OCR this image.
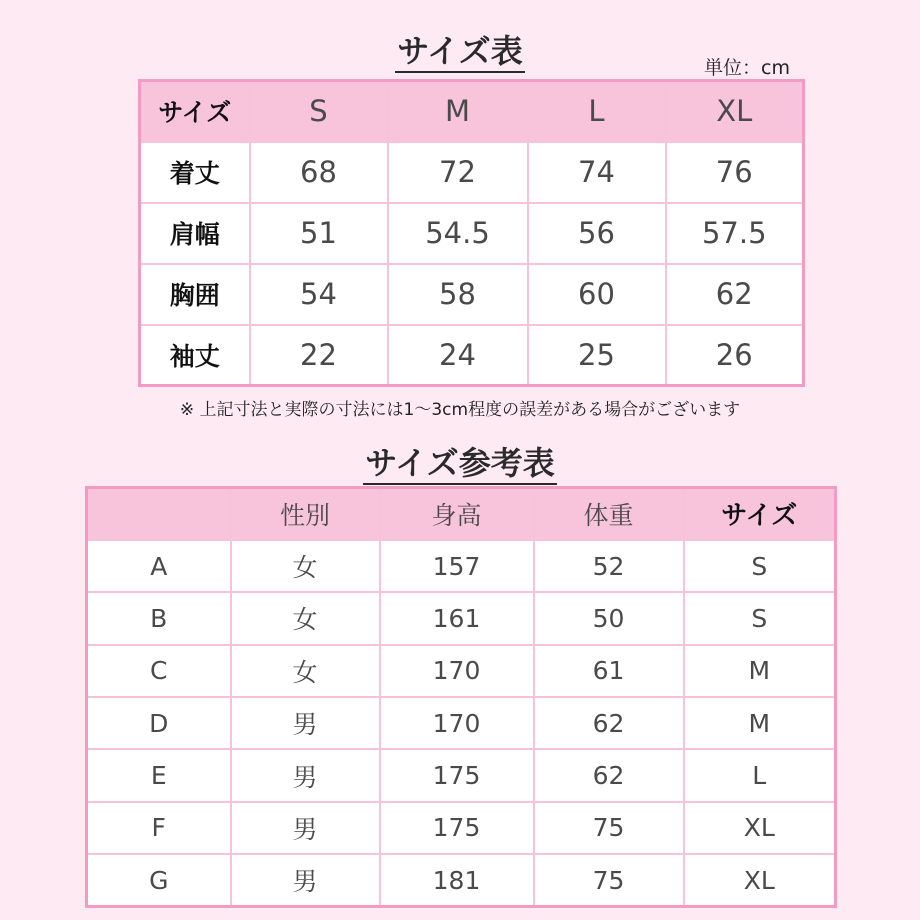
サイズ表	単位：cm
サイズ	S	M	L	XL
着丈	68	72	74	76
肩幅	51	54.5	56	57.5
胸囲	54	58	60	62
袖丈	22	24	25	26
※ 上記寸法と実際の寸法には1〜3cm程度の誤差がある場合がございます
サイズ参考表
	性別	身高	体重	サイズ
A	女	157	52	S
B	女	161	50	S
C	女	170	61	M
D	男	170	62	M
E	男	175	62	L
F	男	175	75	XL
G	男	181	75	XL
